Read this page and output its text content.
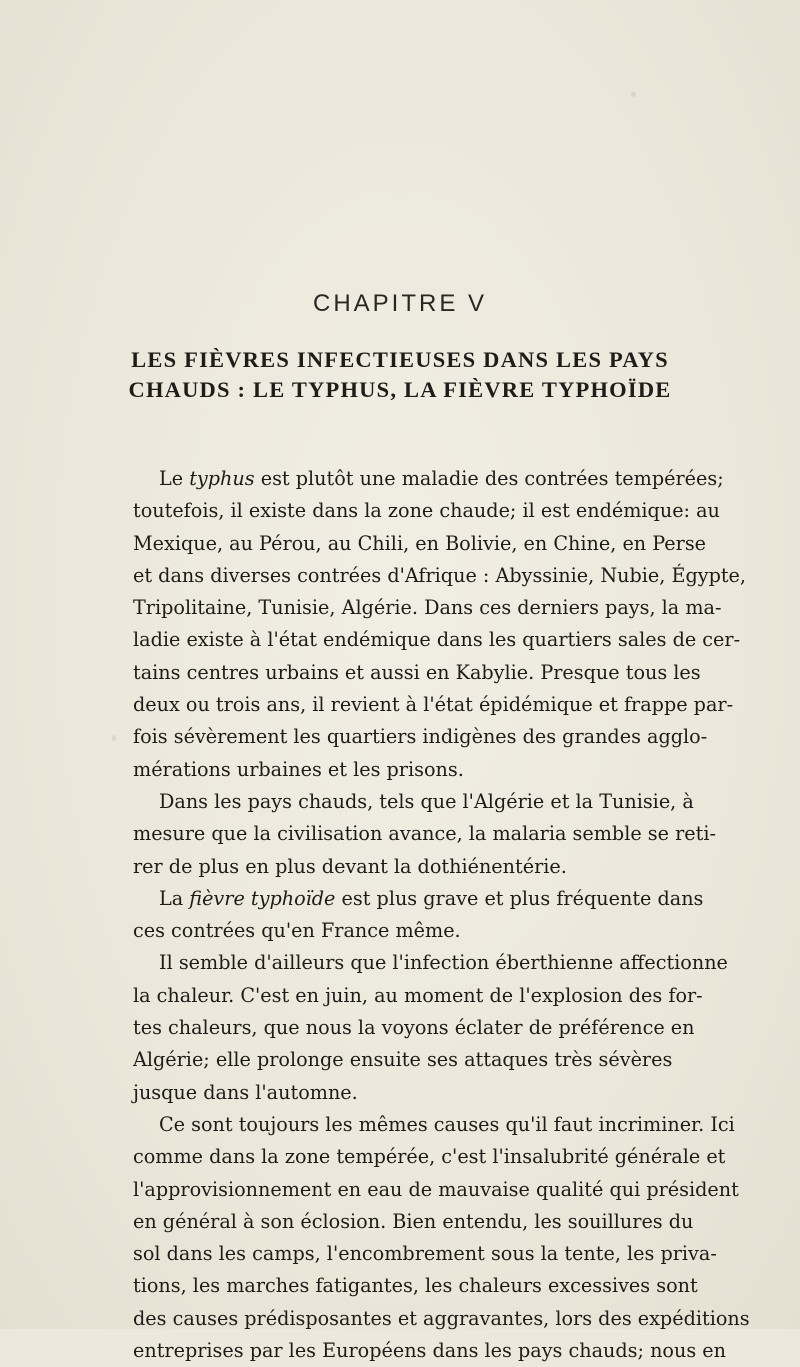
CHAPITRE V
LES FIÈVRES INFECTIEUSES DANS LES PAYS
CHAUDS : LE TYPHUS, LA FIÈVRE TYPHOÏDE
Le typhus est plutôt une maladie des contrées tempérées;
toutefois, il existe dans la zone chaude; il est endémique: au
Mexique, au Pérou, au Chili, en Bolivie, en Chine, en Perse
et dans diverses contrées d'Afrique : Abyssinie, Nubie, Égypte,
Tripolitaine, Tunisie, Algérie. Dans ces derniers pays, la ma-
ladie existe à l'état endémique dans les quartiers sales de cer-
tains centres urbains et aussi en Kabylie. Presque tous les
deux ou trois ans, il revient à l'état épidémique et frappe par-
fois sévèrement les quartiers indigènes des grandes agglo-
mérations urbaines et les prisons.
Dans les pays chauds, tels que l'Algérie et la Tunisie, à
mesure que la civilisation avance, la malaria semble se reti-
rer de plus en plus devant la dothiénentérie.
La fièvre typhoïde est plus grave et plus fréquente dans
ces contrées qu'en France même.
Il semble d'ailleurs que l'infection éberthienne affectionne
la chaleur. C'est en juin, au moment de l'explosion des for-
tes chaleurs, que nous la voyons éclater de préférence en
Algérie; elle prolonge ensuite ses attaques très sévères
jusque dans l'automne.
Ce sont toujours les mêmes causes qu'il faut incriminer. Ici
comme dans la zone tempérée, c'est l'insalubrité générale et
l'approvisionnement en eau de mauvaise qualité qui président
en général à son éclosion. Bien entendu, les souillures du
sol dans les camps, l'encombrement sous la tente, les priva-
tions, les marches fatigantes, les chaleurs excessives sont
des causes prédisposantes et aggravantes, lors des expéditions
entreprises par les Européens dans les pays chauds; nous en
